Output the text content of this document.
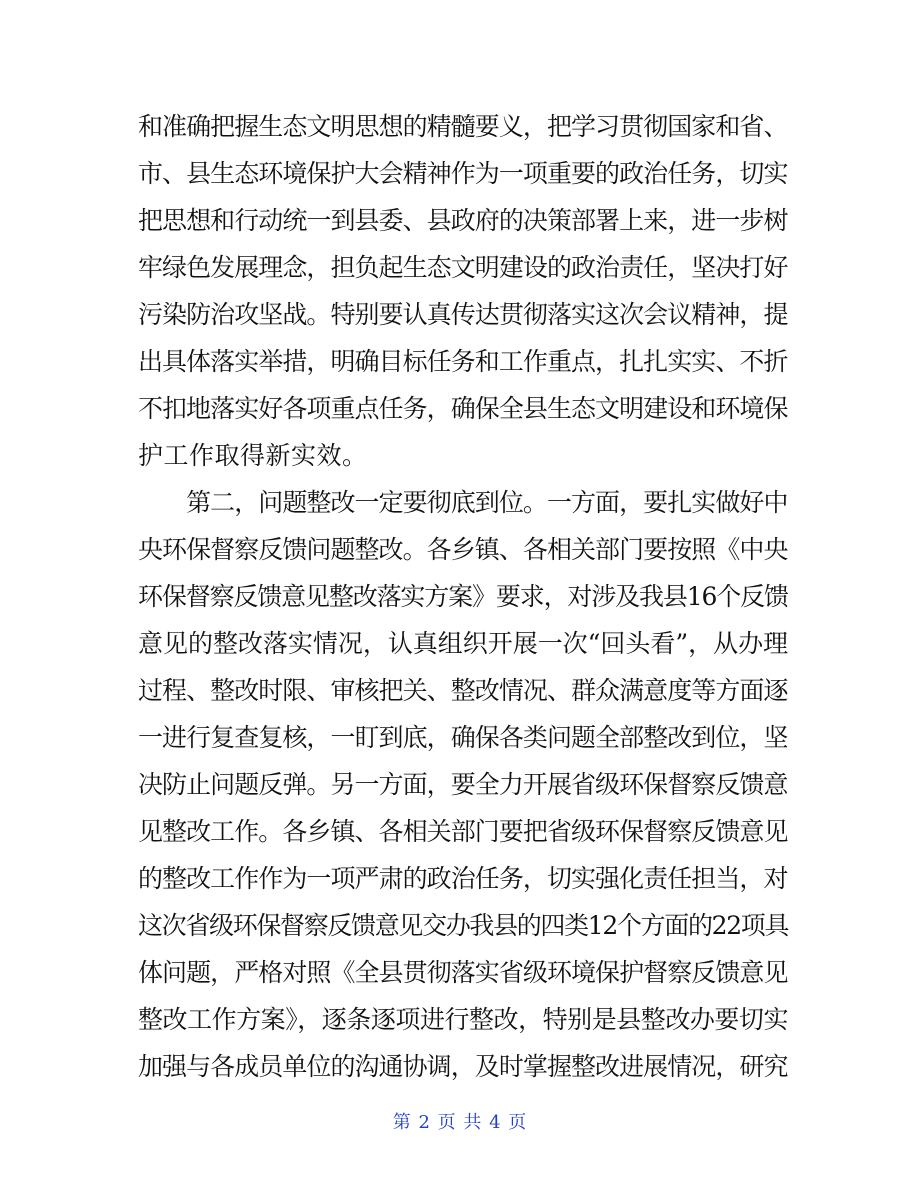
和准确把握生态文明思想的精髓要义，把学习贯彻国家和省、
市、县生态环境保护大会精神作为一项重要的政治任务，切实
把思想和行动统一到县委、县政府的决策部署上来，进一步树
牢绿色发展理念，担负起生态文明建设的政治责任，坚决打好
污染防治攻坚战。特别要认真传达贯彻落实这次会议精神，提
出具体落实举措，明确目标任务和工作重点，扎扎实实、不折
不扣地落实好各项重点任务，确保全县生态文明建设和环境保
护工作取得新实效。
　　第二，问题整改一定要彻底到位。一方面，要扎实做好中
央环保督察反馈问题整改。各乡镇、各相关部门要按照《中央
环保督察反馈意见整改落实方案》要求，对涉及我县16个反馈
意见的整改落实情况，认真组织开展一次“回头看”，从办理
过程、整改时限、审核把关、整改情况、群众满意度等方面逐
一进行复查复核，一盯到底，确保各类问题全部整改到位，坚
决防止问题反弹。另一方面，要全力开展省级环保督察反馈意
见整改工作。各乡镇、各相关部门要把省级环保督察反馈意见
的整改工作作为一项严肃的政治任务，切实强化责任担当，对
这次省级环保督察反馈意见交办我县的四类12个方面的22项具
体问题，严格对照《全县贯彻落实省级环境保护督察反馈意见
整改工作方案》，逐条逐项进行整改，特别是县整改办要切实
加强与各成员单位的沟通协调，及时掌握整改进展情况，研究
第 2 页 共 4 页
